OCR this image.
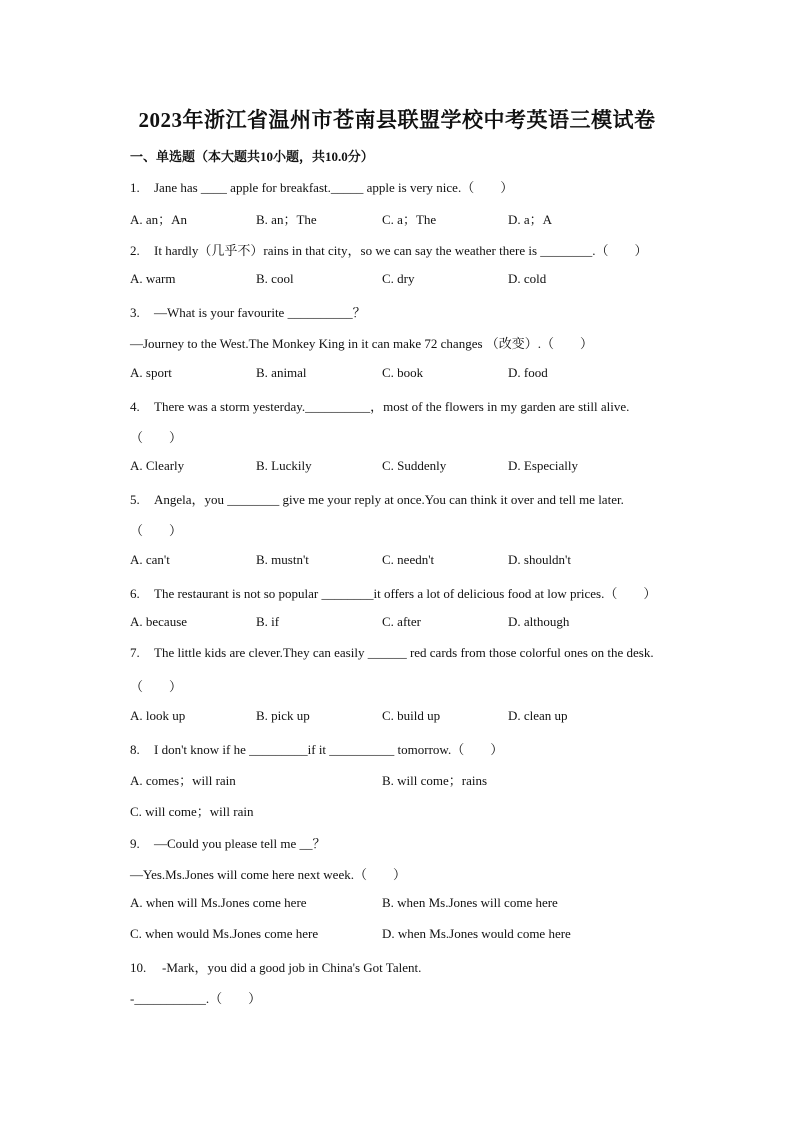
2023年浙江省温州市苍南县联盟学校中考英语三模试卷
一、单选题（本大题共10小题，共10.0分）
1. Jane has ____ apple for breakfast._____ apple is very nice.（　　）
A. an；An	B. an；The	C. a；The	D. a；A
2. It hardly（几乎不）rains in that city，so we can say the weather there is ________.（　　）
A. warm	B. cool	C. dry	D. cold
3. —What is your favourite __________？
—Journey to the West.The Monkey King in it can make 72 changes （改变）.（　　）
A. sport	B. animal	C. book	D. food
4. There was a storm yesterday.__________，most of the flowers in my garden are still alive.
（　　）
A. Clearly	B. Luckily	C. Suddenly	D. Especially
5. Angela，you ________ give me your reply at once.You can think it over and tell me later.
（　　）
A. can't	B. mustn't	C. needn't	D. shouldn't
6. The restaurant is not so popular ________it offers a lot of delicious food at low prices.（　　）
A. because	B. if	C. after	D. although
7. The little kids are clever.They can easily ______ red cards from those colorful ones on the desk.
（　　）
A. look up	B. pick up	C. build up	D. clean up
8. I don't know if he _________if it __________ tomorrow.（　　）
A. comes；will rain	B. will come；rains
C. will come；will rain
9. —Could you please tell me __？
—Yes.Ms.Jones will come here next week.（　　）
A. when will Ms.Jones come here	B. when Ms.Jones will come here
C. when would Ms.Jones come here	D. when Ms.Jones would come here
10. -Mark，you did a good job in China's Got Talent.
-___________.（　　）
